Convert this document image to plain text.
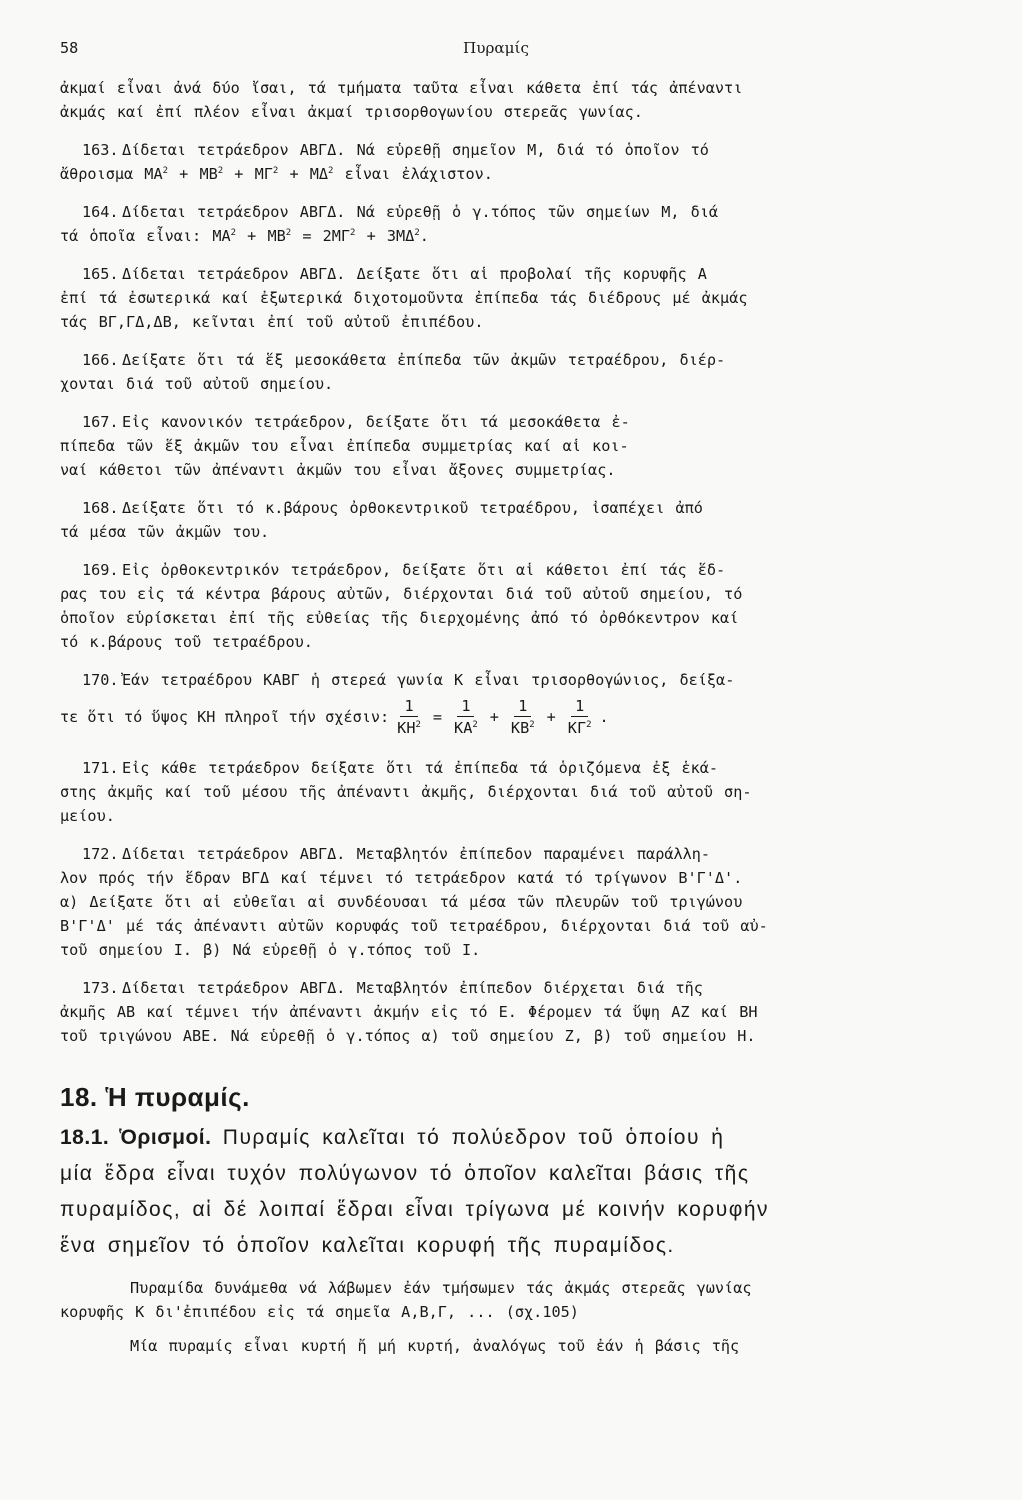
58	Πυραμίς

ἀκμαί εἶναι ἀνά δύο ἴσαι, τά τμήματα ταῦτα εἶναι κάθετα ἐπί τάς ἀπέναντι
ἀκμάς καί ἐπί πλέον εἶναι ἀκμαί τρισορθογωνίου στερεᾶς γωνίας.

163. Δίδεται τετράεδρον ΑΒΓΔ. Νά εὑρεθῇ σημεῖον Μ, διά τό ὁποῖον τό
ἄθροισμα $MA^2 + MB^2 + M\Gamma^2 + M\Delta^2$ εἶναι ἐλάχιστον.

164. Δίδεται τετράεδρον ΑΒΓΔ. Νά εὑρεθῇ ὁ γ.τόπος τῶν σημείων Μ, διά
τά ὁποῖα εἶναι: $MA^2 + MB^2 = 2M\Gamma^2 + 3M\Delta^2$.

165. Δίδεται τετράεδρον ΑΒΓΔ. Δείξατε ὅτι αἱ προβολαί τῆς κορυφῆς Α
ἐπί τά ἐσωτερικά καί ἐξωτερικά διχοτομοῦντα ἐπίπεδα τάς διέδρους μέ ἀκμάς
τάς ΒΓ,ΓΔ,ΔΒ, κεῖνται ἐπί τοῦ αὐτοῦ ἐπιπέδου.

166. Δείξατε ὅτι τά ἕξ μεσοκάθετα ἐπίπεδα τῶν ἀκμῶν τετραέδρου, διέρ-
χονται διά τοῦ αὐτοῦ σημείου.

167. Εἰς κανονικόν τετράεδρον, δείξατε ὅτι τά μεσοκάθετα ἐ-
πίπεδα τῶν ἕξ ἀκμῶν του εἶναι ἐπίπεδα συμμετρίας καί αἱ κοι-
ναί κάθετοι τῶν ἀπέναντι ἀκμῶν του εἶναι ἄξονες συμμετρίας.

168. Δείξατε ὅτι τό κ.βάρους ὀρθοκεντρικοῦ τετραέδρου, ἰσαπέχει ἀπό
τά μέσα τῶν ἀκμῶν του.

169. Εἰς ὀρθοκεντρικόν τετράεδρον, δείξατε ὅτι αἱ κάθετοι ἐπί τάς ἕδ-
ρας του εἰς τά κέντρα βάρους αὐτῶν, διέρχονται διά τοῦ αὐτοῦ σημείου, τό
ὁποῖον εὑρίσκεται ἐπί τῆς εὐθείας τῆς διερχομένης ἀπό τό ὀρθόκεντρον καί
τό κ.βάρους τοῦ τετραέδρου.

170. Ἐάν τετραέδρου ΚΑΒΓ ἡ στερεά γωνία Κ εἶναι τρισορθογώνιος, δείξα-

τε ὅτι τό ὕψος ΚΗ πληροῖ τήν σχέσιν: $\frac{1}{KH^2} = \frac{1}{KA^2} + \frac{1}{KB^2} + \frac{1}{K\Gamma^2}$ .

171. Εἰς κάθε τετράεδρον δείξατε ὅτι τά ἐπίπεδα τά ὁριζόμενα ἐξ ἑκά-
στης ἀκμῆς καί τοῦ μέσου τῆς ἀπέναντι ἀκμῆς, διέρχονται διά τοῦ αὐτοῦ ση-
μείου.

172. Δίδεται τετράεδρον ΑΒΓΔ. Μεταβλητόν ἐπίπεδον παραμένει παράλλη-
λον πρός τήν ἕδραν ΒΓΔ καί τέμνει τό τετράεδρον κατά τό τρίγωνον Β'Γ'Δ'.
α) Δείξατε ὅτι αἱ εὐθεῖαι αἱ συνδέουσαι τά μέσα τῶν πλευρῶν τοῦ τριγώνου
Β'Γ'Δ' μέ τάς ἀπέναντι αὐτῶν κορυφάς τοῦ τετραέδρου, διέρχονται διά τοῦ αὐ-
τοῦ σημείου Ι. β) Νά εὑρεθῇ ὁ γ.τόπος τοῦ Ι.

173. Δίδεται τετράεδρον ΑΒΓΔ. Μεταβλητόν ἐπίπεδον διέρχεται διά τῆς
ἀκμῆς ΑΒ καί τέμνει τήν ἀπέναντι ἀκμήν εἰς τό Ε. Φέρομεν τά ὕψη ΑΖ καί ΒΗ
τοῦ τριγώνου ΑΒΕ. Νά εὑρεθῇ ὁ γ.τόπος α) τοῦ σημείου Ζ, β) τοῦ σημείου Η.

18. Ἡ πυραμίς.

18.1. Ὁρισμοί. Πυραμίς καλεῖται τό πολύεδρον τοῦ ὁποίου ἡ
μία ἕδρα εἶναι τυχόν πολύγωνον τό ὁποῖον καλεῖται βάσις τῆς
πυραμίδος, αἱ δέ λοιπαί ἕδραι εἶναι τρίγωνα μέ κοινήν κορυφήν
ἕνα σημεῖον τό ὁποῖον καλεῖται κορυφή τῆς πυραμίδος.

Πυραμίδα δυνάμεθα νά λάβωμεν ἐάν τμήσωμεν τάς ἀκμάς στερεᾶς γωνίας
κορυφῆς Κ δι'ἐπιπέδου εἰς τά σημεῖα Α,Β,Γ, ... (σχ.105)

Μία πυραμίς εἶναι κυρτή ἤ μή κυρτή, ἀναλόγως τοῦ ἐάν ἡ βάσις τῆς
